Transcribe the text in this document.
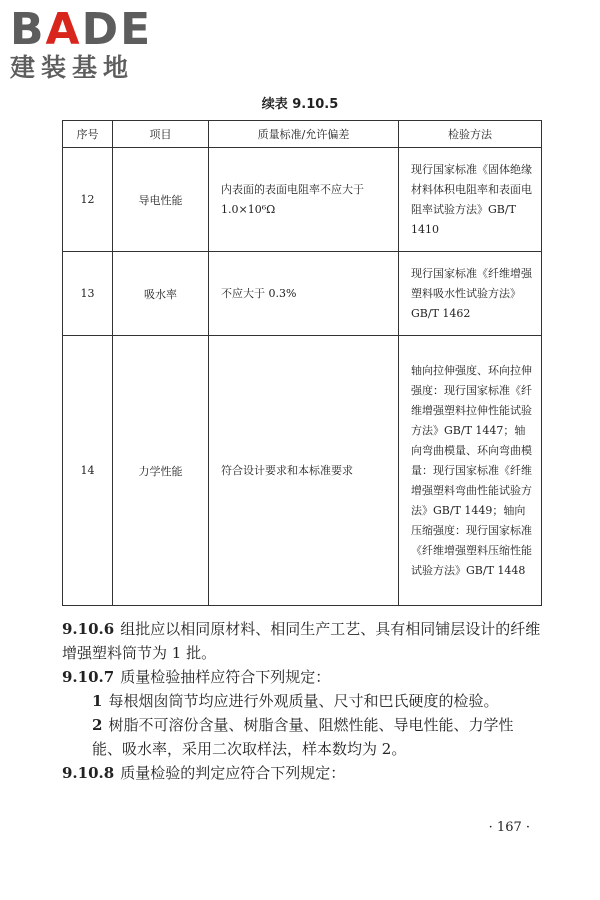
BADE
建装基地
续表 9.10.5
序号	项目	质量标准/允许偏差	检验方法
12	导电性能	内表面的表面电阻率不应大于 1.0×10⁶Ω	现行国家标准《固体绝缘材料体积电阻率和表面电阻率试验方法》GB/T 1410
13	吸水率	不应大于 0.3%	现行国家标准《纤维增强塑料吸水性试验方法》GB/T 1462
14	力学性能	符合设计要求和本标准要求	轴向拉伸强度、环向拉伸强度：现行国家标准《纤维增强塑料拉伸性能试验方法》GB/T 1447；轴向弯曲模量、环向弯曲模量：现行国家标准《纤维增强塑料弯曲性能试验方法》GB/T 1449；轴向压缩强度：现行国家标准《纤维增强塑料压缩性能试验方法》GB/T 1448

9.10.6 组批应以相同原材料、相同生产工艺、具有相同铺层设计的纤维增强塑料筒节为 1 批。

9.10.7 质量检验抽样应符合下列规定：

1 每根烟囱筒节均应进行外观质量、尺寸和巴氏硬度的检验。

2 树脂不可溶份含量、树脂含量、阻燃性能、导电性能、力学性能、吸水率，采用二次取样法，样本数均为 2。

9.10.8 质量检验的判定应符合下列规定：

· 167 ·
